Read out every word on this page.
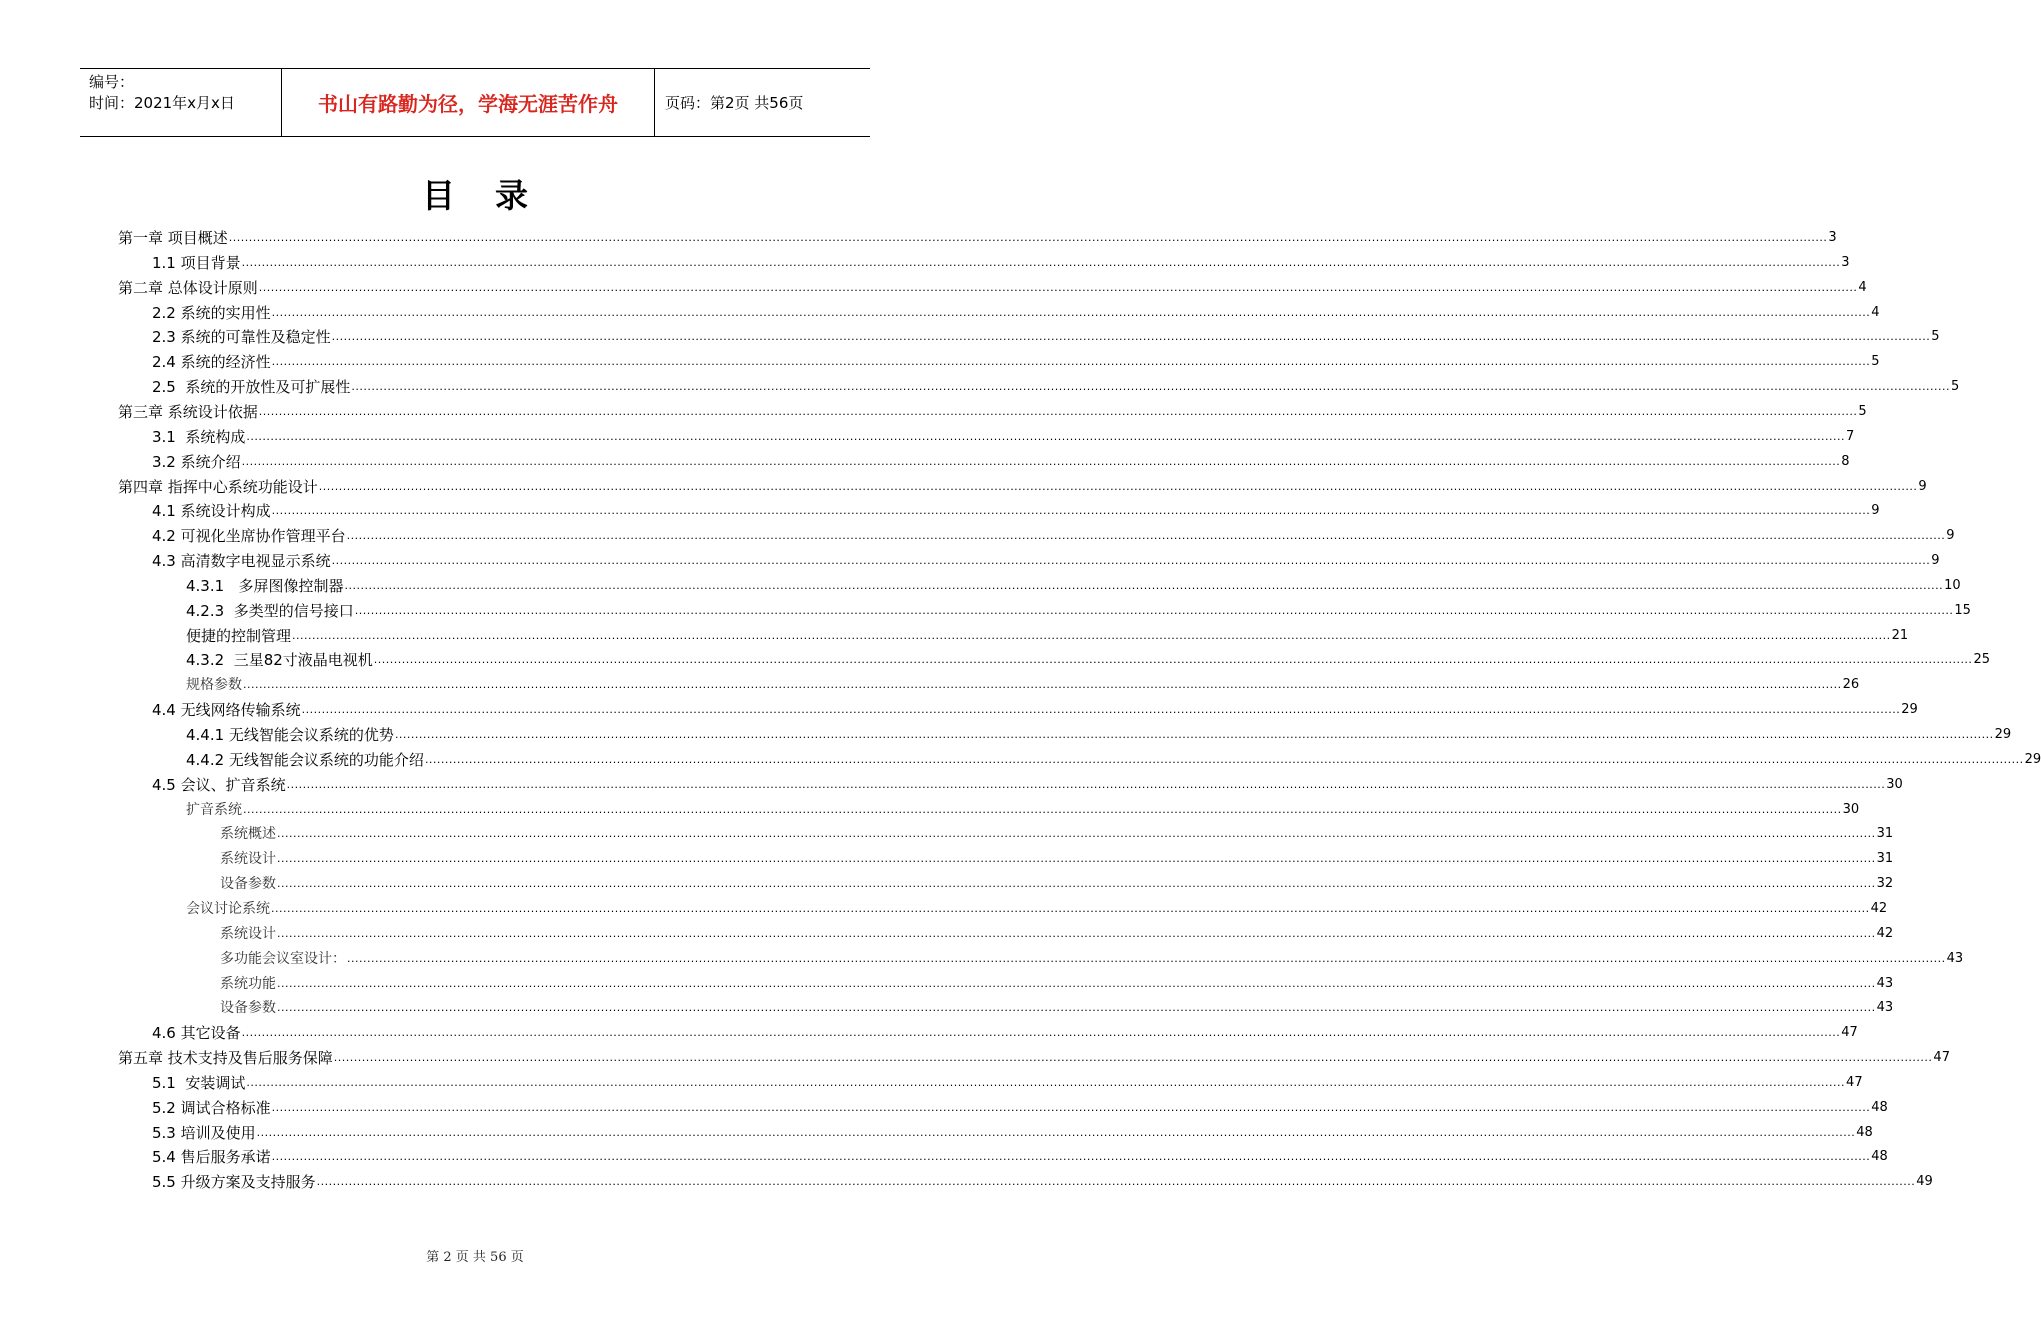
编号：
时间：2021年x月x日	书山有路勤为径，学海无涯苦作舟	页码：第2页 共56页
目录
第一章 项目概述 ................................................................................................................................................................................................................................................................................................................................................................................................................ 3
1.1 项目背景 ................................................................................................................................................................................................................................................................................................................................................................................................................ 3
第二章 总体设计原则 ................................................................................................................................................................................................................................................................................................................................................................................................................ 4
2.2 系统的实用性 ................................................................................................................................................................................................................................................................................................................................................................................................................ 4
2.3 系统的可靠性及稳定性 ................................................................................................................................................................................................................................................................................................................................................................................................................ 5
2.4 系统的经济性 ................................................................................................................................................................................................................................................................................................................................................................................................................ 5
2.5  系统的开放性及可扩展性 ................................................................................................................................................................................................................................................................................................................................................................................................................ 5
第三章 系统设计依据 ................................................................................................................................................................................................................................................................................................................................................................................................................ 5
3.1  系统构成 ................................................................................................................................................................................................................................................................................................................................................................................................................ 7
3.2 系统介绍 ................................................................................................................................................................................................................................................................................................................................................................................................................ 8
第四章 指挥中心系统功能设计 ................................................................................................................................................................................................................................................................................................................................................................................................................ 9
4.1 系统设计构成 ................................................................................................................................................................................................................................................................................................................................................................................................................ 9
4.2 可视化坐席协作管理平台 ................................................................................................................................................................................................................................................................................................................................................................................................................ 9
4.3 高清数字电视显示系统 ................................................................................................................................................................................................................................................................................................................................................................................................................ 9
4.3.1   多屏图像控制器 ................................................................................................................................................................................................................................................................................................................................................................................................................ 10
4.2.3  多类型的信号接口 ................................................................................................................................................................................................................................................................................................................................................................................................................ 15
便捷的控制管理 ................................................................................................................................................................................................................................................................................................................................................................................................................ 21
4.3.2  三星82寸液晶电视机 ................................................................................................................................................................................................................................................................................................................................................................................................................ 25
规格参数 ................................................................................................................................................................................................................................................................................................................................................................................................................ 26
4.4 无线网络传输系统 ................................................................................................................................................................................................................................................................................................................................................................................................................ 29
4.4.1 无线智能会议系统的优势 ................................................................................................................................................................................................................................................................................................................................................................................................................ 29
4.4.2 无线智能会议系统的功能介绍 ................................................................................................................................................................................................................................................................................................................................................................................................................ 29
4.5 会议、扩音系统 ................................................................................................................................................................................................................................................................................................................................................................................................................ 30
扩音系统 ................................................................................................................................................................................................................................................................................................................................................................................................................ 30
系统概述 ................................................................................................................................................................................................................................................................................................................................................................................................................ 31
系统设计 ................................................................................................................................................................................................................................................................................................................................................................................................................ 31
设备参数 ................................................................................................................................................................................................................................................................................................................................................................................................................ 32
会议讨论系统 ................................................................................................................................................................................................................................................................................................................................................................................................................ 42
系统设计 ................................................................................................................................................................................................................................................................................................................................................................................................................ 42
多功能会议室设计： ................................................................................................................................................................................................................................................................................................................................................................................................................ 43
系统功能 ................................................................................................................................................................................................................................................................................................................................................................................................................ 43
设备参数 ................................................................................................................................................................................................................................................................................................................................................................................................................ 43
4.6 其它设备 ................................................................................................................................................................................................................................................................................................................................................................................................................ 47
第五章 技术支持及售后服务保障 ................................................................................................................................................................................................................................................................................................................................................................................................................ 47
5.1  安装调试 ................................................................................................................................................................................................................................................................................................................................................................................................................ 47
5.2 调试合格标准 ................................................................................................................................................................................................................................................................................................................................................................................................................ 48
5.3 培训及使用 ................................................................................................................................................................................................................................................................................................................................................................................................................ 48
5.4 售后服务承诺 ................................................................................................................................................................................................................................................................................................................................................................................................................ 48
5.5 升级方案及支持服务 ................................................................................................................................................................................................................................................................................................................................................................................................................ 49
第 2 页 共 56 页
